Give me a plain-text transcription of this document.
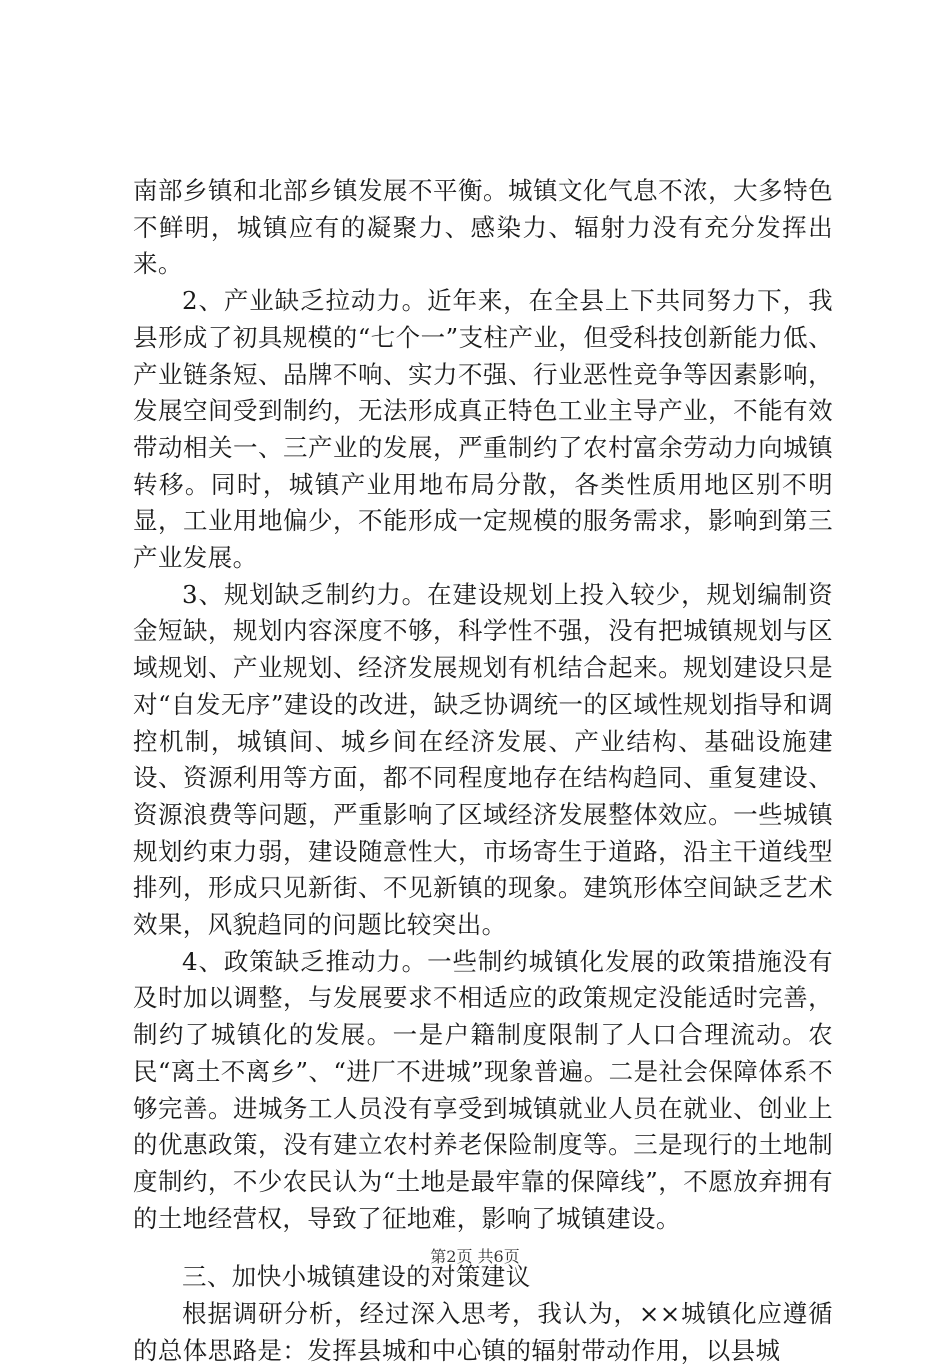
南部乡镇和北部乡镇发展不平衡。城镇文化气息不浓，大多特色不鲜明，城镇应有的凝聚力、感染力、辐射力没有充分发挥出来。

2、产业缺乏拉动力。近年来，在全县上下共同努力下，我县形成了初具规模的“七个一”支柱产业，但受科技创新能力低、产业链条短、品牌不响、实力不强、行业恶性竞争等因素影响，发展空间受到制约，无法形成真正特色工业主导产业，不能有效带动相关一、三产业的发展，严重制约了农村富余劳动力向城镇转移。同时，城镇产业用地布局分散，各类性质用地区别不明显，工业用地偏少，不能形成一定规模的服务需求，影响到第三产业发展。

3、规划缺乏制约力。在建设规划上投入较少，规划编制资金短缺，规划内容深度不够，科学性不强，没有把城镇规划与区域规划、产业规划、经济发展规划有机结合起来。规划建设只是对“自发无序”建设的改进，缺乏协调统一的区域性规划指导和调控机制，城镇间、城乡间在经济发展、产业结构、基础设施建设、资源利用等方面，都不同程度地存在结构趋同、重复建设、资源浪费等问题，严重影响了区域经济发展整体效应。一些城镇规划约束力弱，建设随意性大，市场寄生于道路，沿主干道线型排列，形成只见新街、不见新镇的现象。建筑形体空间缺乏艺术效果，风貌趋同的问题比较突出。

4、政策缺乏推动力。一些制约城镇化发展的政策措施没有及时加以调整，与发展要求不相适应的政策规定没能适时完善，制约了城镇化的发展。一是户籍制度限制了人口合理流动。农民“离土不离乡”、“进厂不进城”现象普遍。二是社会保障体系不够完善。进城务工人员没有享受到城镇就业人员在就业、创业上的优惠政策，没有建立农村养老保险制度等。三是现行的土地制度制约，不少农民认为“土地是最牢靠的保障线”，不愿放弃拥有的土地经营权，导致了征地难，影响了城镇建设。

三、加快小城镇建设的对策建议

根据调研分析，经过深入思考，我认为，××城镇化应遵循的总体思路是：发挥县城和中心镇的辐射带动作用，以县城

第2页 共6页
